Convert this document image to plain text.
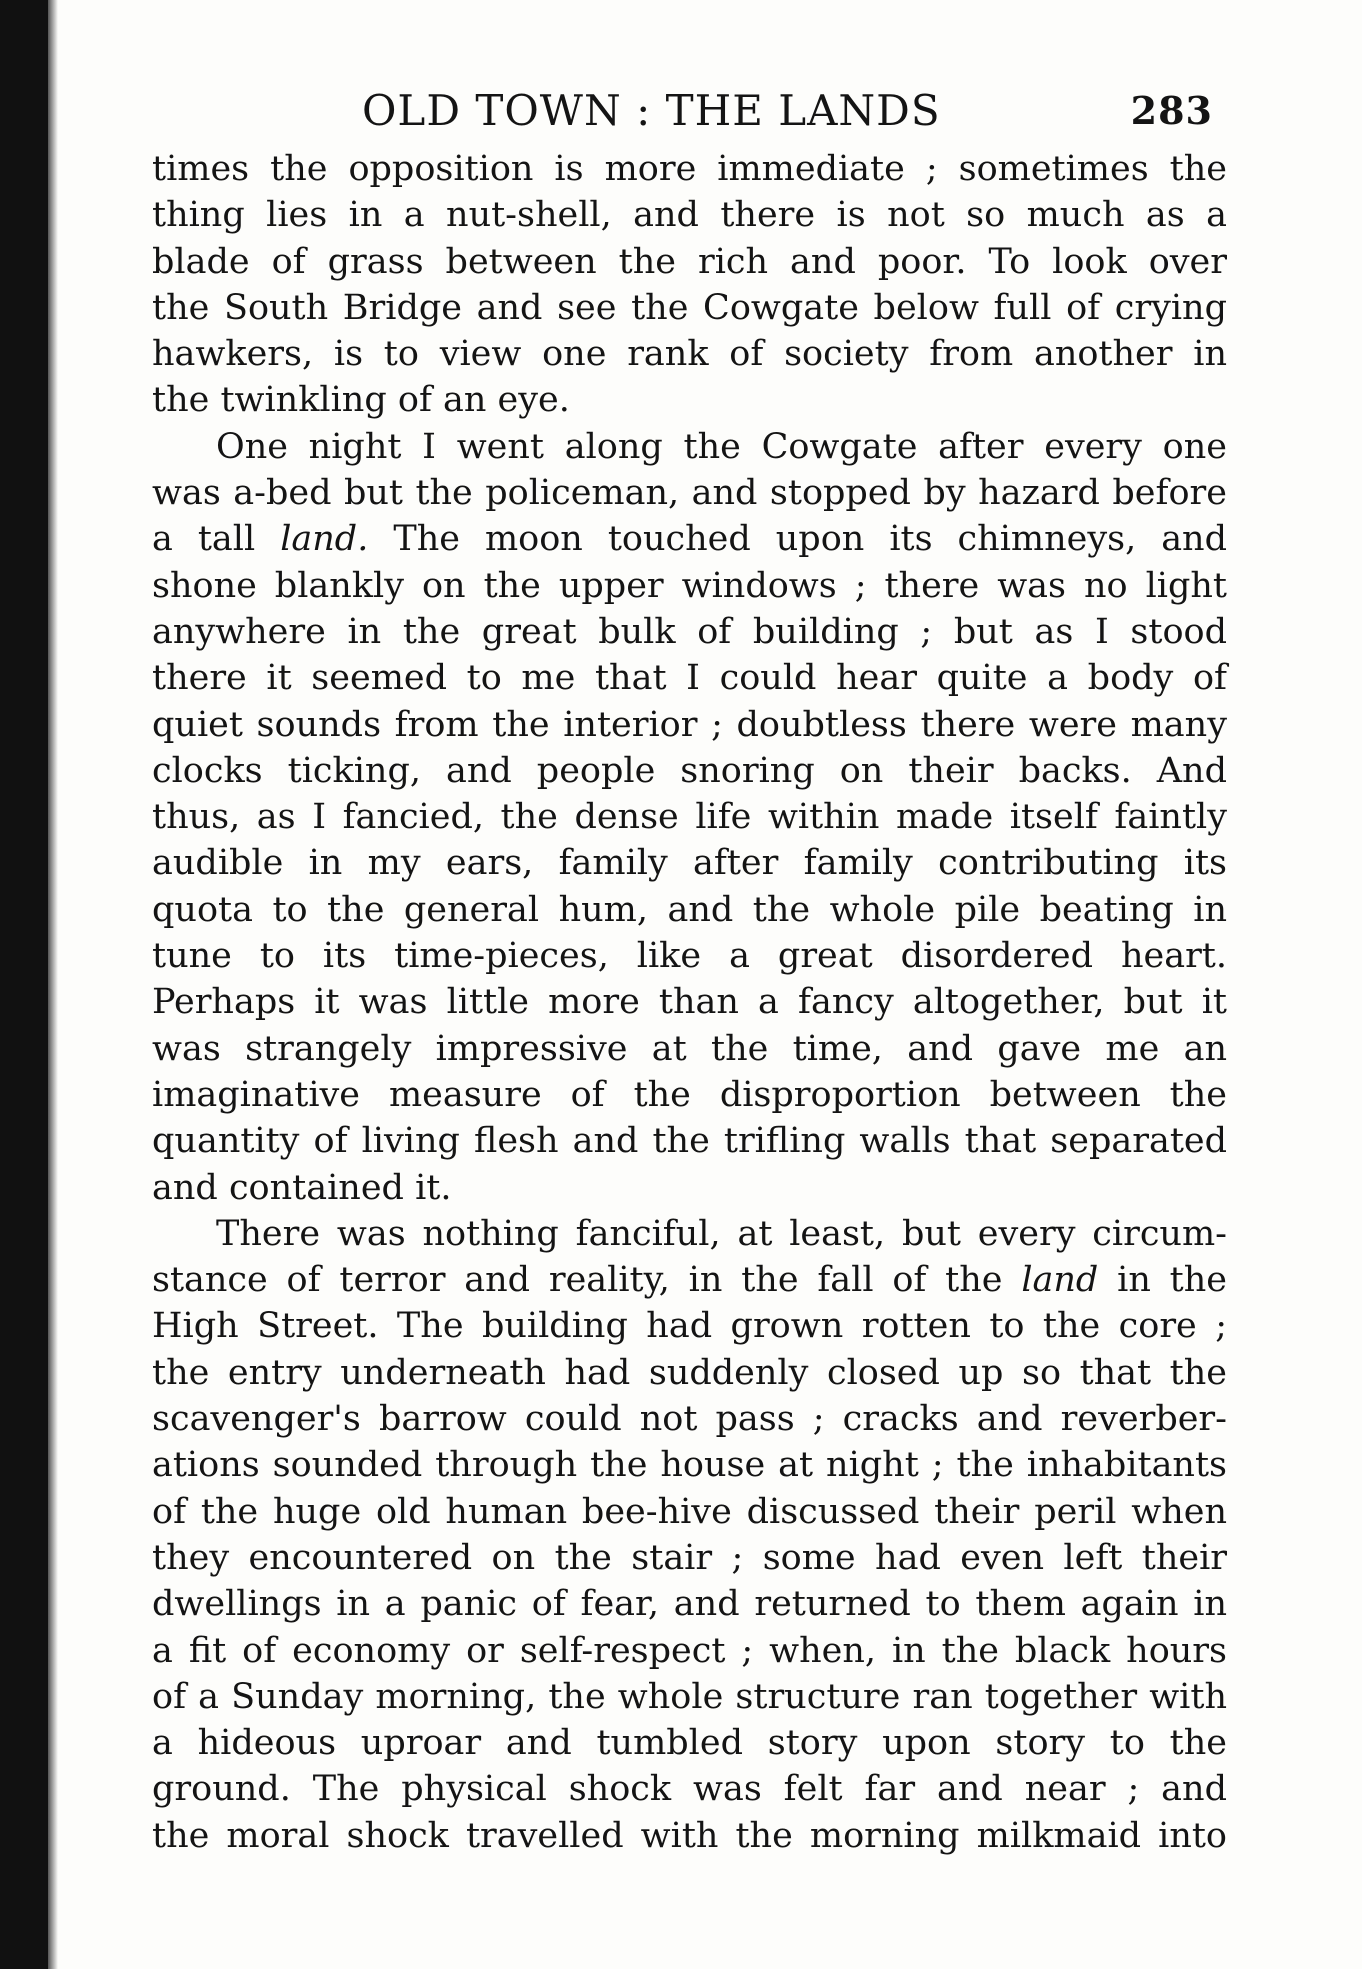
OLD TOWN : THE LANDS	283
times the opposition is more immediate ; sometimes the
thing lies in a nut-shell, and there is not so much as a
blade of grass between the rich and poor. To look over
the South Bridge and see the Cowgate below full of crying
hawkers, is to view one rank of society from another in
the twinkling of an eye.
One night I went along the Cowgate after every one
was a-bed but the policeman, and stopped by hazard before
a tall land. The moon touched upon its chimneys, and
shone blankly on the upper windows ; there was no light
anywhere in the great bulk of building ; but as I stood
there it seemed to me that I could hear quite a body of
quiet sounds from the interior ; doubtless there were many
clocks ticking, and people snoring on their backs. And
thus, as I fancied, the dense life within made itself faintly
audible in my ears, family after family contributing its
quota to the general hum, and the whole pile beating in
tune to its time-pieces, like a great disordered heart.
Perhaps it was little more than a fancy altogether, but it
was strangely impressive at the time, and gave me an
imaginative measure of the disproportion between the
quantity of living flesh and the trifling walls that separated
and contained it.
There was nothing fanciful, at least, but every circum-
stance of terror and reality, in the fall of the land in the
High Street. The building had grown rotten to the core ;
the entry underneath had suddenly closed up so that the
scavenger's barrow could not pass ; cracks and reverber-
ations sounded through the house at night ; the inhabitants
of the huge old human bee-hive discussed their peril when
they encountered on the stair ; some had even left their
dwellings in a panic of fear, and returned to them again in
a fit of economy or self-respect ; when, in the black hours
of a Sunday morning, the whole structure ran together with
a hideous uproar and tumbled story upon story to the
ground. The physical shock was felt far and near ; and
the moral shock travelled with the morning milkmaid into
